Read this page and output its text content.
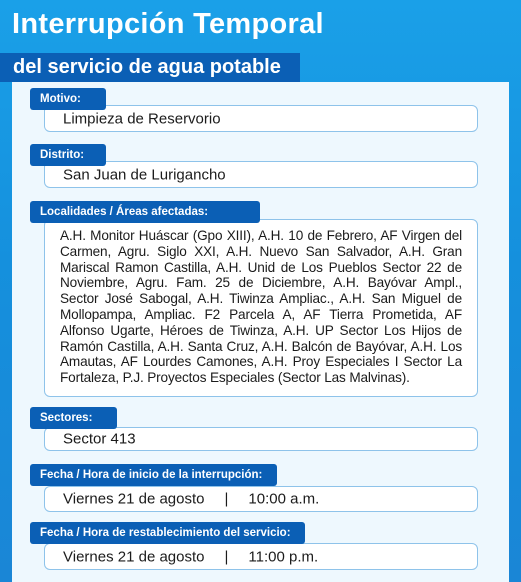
Interrupción Temporal
del servicio de agua potable
Limpieza de Reservorio
Motivo:
San Juan de Lurigancho
Distrito:

A.H. Monitor Huáscar (Gpo XIII), A.H. 10 de Febrero, AF Virgen del Carmen, Agru. Siglo XXI, A.H. Nuevo San Salvador, A.H. Gran Mariscal Ramon Castilla, A.H. Unid de Los Pueblos Sector 22 de Noviembre, Agru. Fam. 25 de Diciembre, A.H. Bayóvar Ampl., Sector José Sabogal, A.H. Tiwinza Ampliac., A.H. San Miguel de Mollopampa, Ampliac. F2 Parcela A, AF Tierra Prometida, AF Alfonso Ugarte, Héroes de Tiwinza, A.H. UP Sector Los Hijos de Ramón Castilla, A.H. Santa Cruz, A.H. Balcón de Bayóvar, A.H. Los Amautas, AF Lourdes Camones, A.H. Proy Especiales I Sector La Fortaleza, P.J. Proyectos Especiales (Sector Las Malvinas).

Localidades / Áreas afectadas:
Sector 413
Sectores:
Viernes 21 de agosto | 10:00 a.m.
Fecha / Hora de inicio de la interrupción:
Viernes 21 de agosto | 11:00 p.m.
Fecha / Hora de restablecimiento del servicio:
